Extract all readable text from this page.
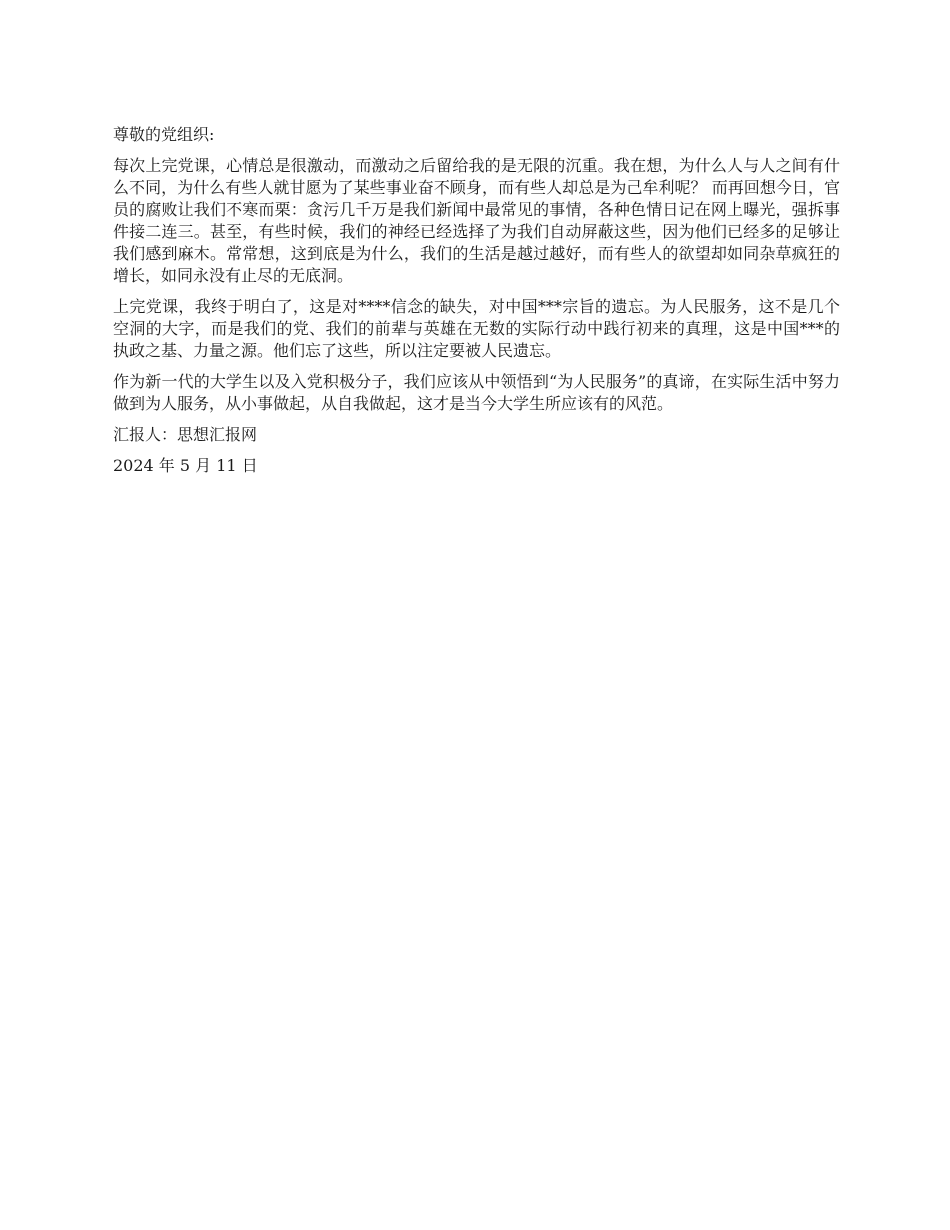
尊敬的党组织:

每次上完党课，心情总是很激动，而激动之后留给我的是无限的沉重。我在想，为什么人与人之间有什么不同，为什么有些人就甘愿为了某些事业奋不顾身，而有些人却总是为己牟利呢？ 而再回想今日，官员的腐败让我们不寒而栗：贪污几千万是我们新闻中最常见的事情，各种色情日记在网上曝光，强拆事件接二连三。甚至，有些时候，我们的神经已经选择了为我们自动屏蔽这些，因为他们已经多的足够让我们感到麻木。常常想，这到底是为什么，我们的生活是越过越好，而有些人的欲望却如同杂草疯狂的增长，如同永没有止尽的无底洞。

上完党课，我终于明白了，这是对****信念的缺失，对中国***宗旨的遗忘。为人民服务，这不是几个空洞的大字，而是我们的党、我们的前辈与英雄在无数的实际行动中践行初来的真理，这是中国***的执政之基、力量之源。他们忘了这些，所以注定要被人民遗忘。

作为新一代的大学生以及入党积极分子，我们应该从中领悟到“为人民服务”的真谛，在实际生活中努力做到为人服务，从小事做起，从自我做起，这才是当今大学生所应该有的风范。

汇报人：思想汇报网

2024 年 5 月 11 日
